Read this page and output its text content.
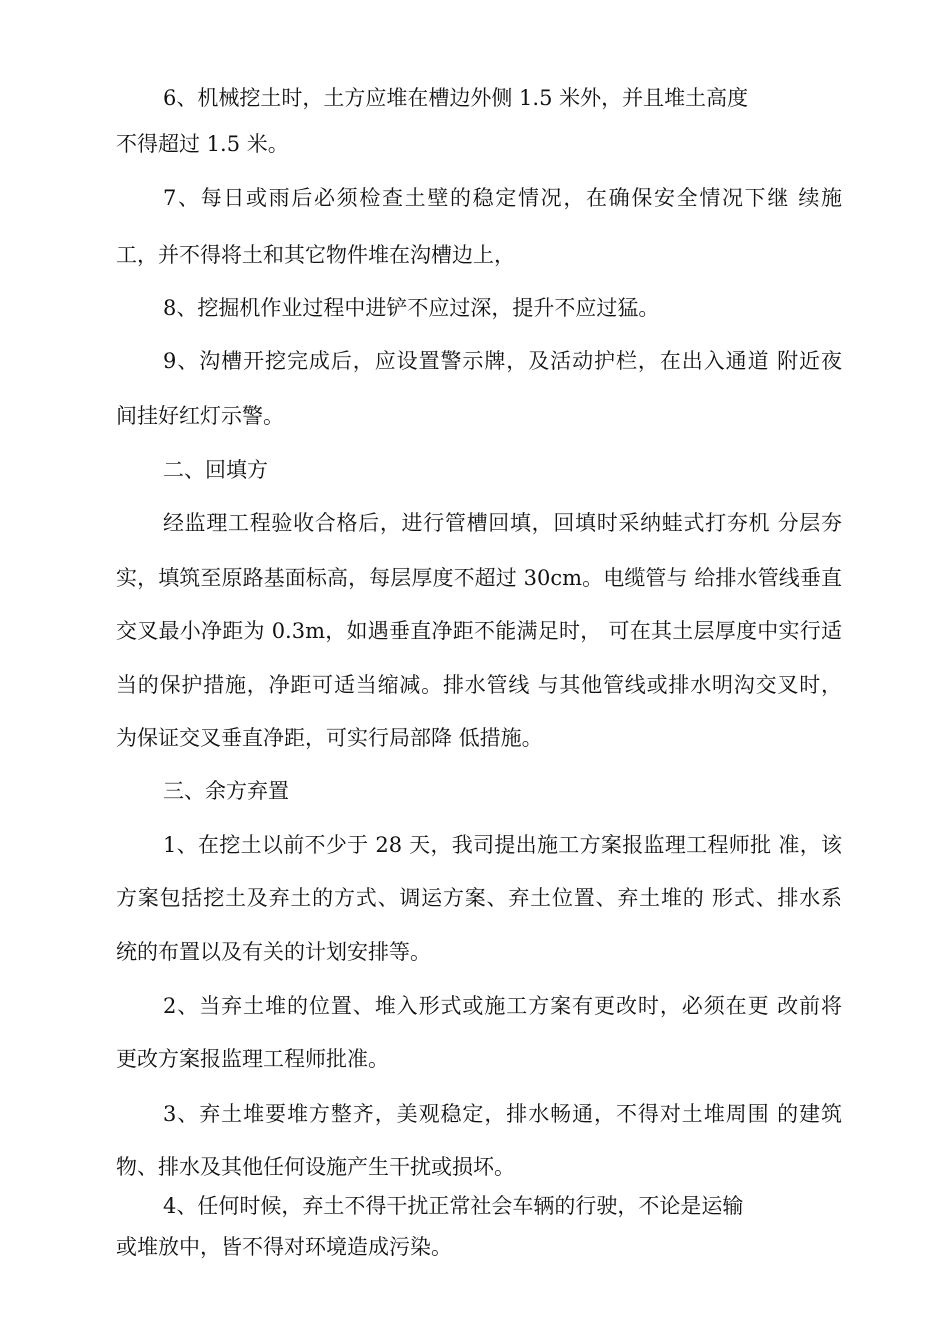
6、机械挖土时，土方应堆在槽边外侧 1.5 米外，并且堆土高度

不得超过 1.5 米。

7、每日或雨后必须检查土壁的稳定情况，在确保安全情况下继 续施

工，并不得将土和其它物件堆在沟槽边上，

8、挖掘机作业过程中进铲不应过深，提升不应过猛。

9、沟槽开挖完成后，应设置警示牌，及活动护栏，在出入通道 附近夜

间挂好红灯示警。

二、回填方

经监理工程验收合格后，进行管槽回填，回填时采纳蛙式打夯机 分层夯

实，填筑至原路基面标高，每层厚度不超过 30cm。电缆管与 给排水管线垂直

交叉最小净距为 0.3m，如遇垂直净距不能满足时， 可在其土层厚度中实行适

当的保护措施，净距可适当缩减。排水管线 与其他管线或排水明沟交叉时，

为保证交叉垂直净距，可实行局部降 低措施。

三、余方弃置

1、在挖土以前不少于 28 天，我司提出施工方案报监理工程师批 准，该

方案包括挖土及弃土的方式、调运方案、弃土位置、弃土堆的 形式、排水系

统的布置以及有关的计划安排等。

2、当弃土堆的位置、堆入形式或施工方案有更改时，必须在更 改前将

更改方案报监理工程师批准。

3、弃土堆要堆方整齐，美观稳定，排水畅通，不得对土堆周围 的建筑

物、排水及其他任何设施产生干扰或损坏。

4、任何时候，弃土不得干扰正常社会车辆的行驶，不论是运输

或堆放中，皆不得对环境造成污染。
